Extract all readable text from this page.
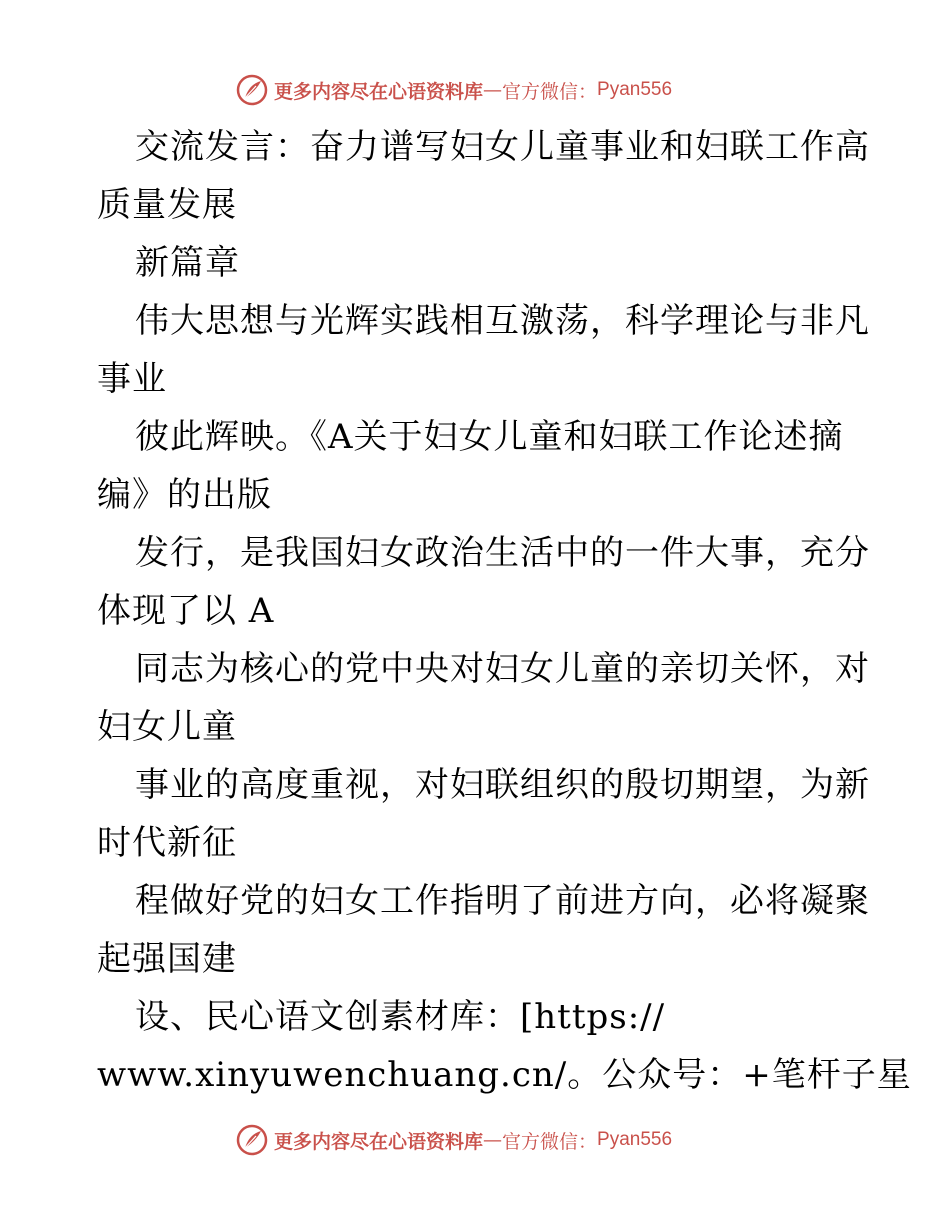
更多内容尽在心语资料库 — 官方微信： Pyan556
交流发言：奋力谱写妇女儿童事业和妇联工作高
质量发展
新篇章
伟大思想与光辉实践相互激荡，科学理论与非凡
事业
彼此辉映。《A关于妇女儿童和妇联工作论述摘
编》的出版
发行，是我国妇女政治生活中的一件大事，充分
体现了以 A
同志为核心的党中央对妇女儿童的亲切关怀，对
妇女儿童
事业的高度重视，对妇联组织的殷切期望，为新
时代新征
程做好党的妇女工作指明了前进方向，必将凝聚
起强国建
设、民心语文创素材库：[https://
www.xinyuwenchuang.cn/。公众号：+笔杆子星
更多内容尽在心语资料库 — 官方微信： Pyan556
